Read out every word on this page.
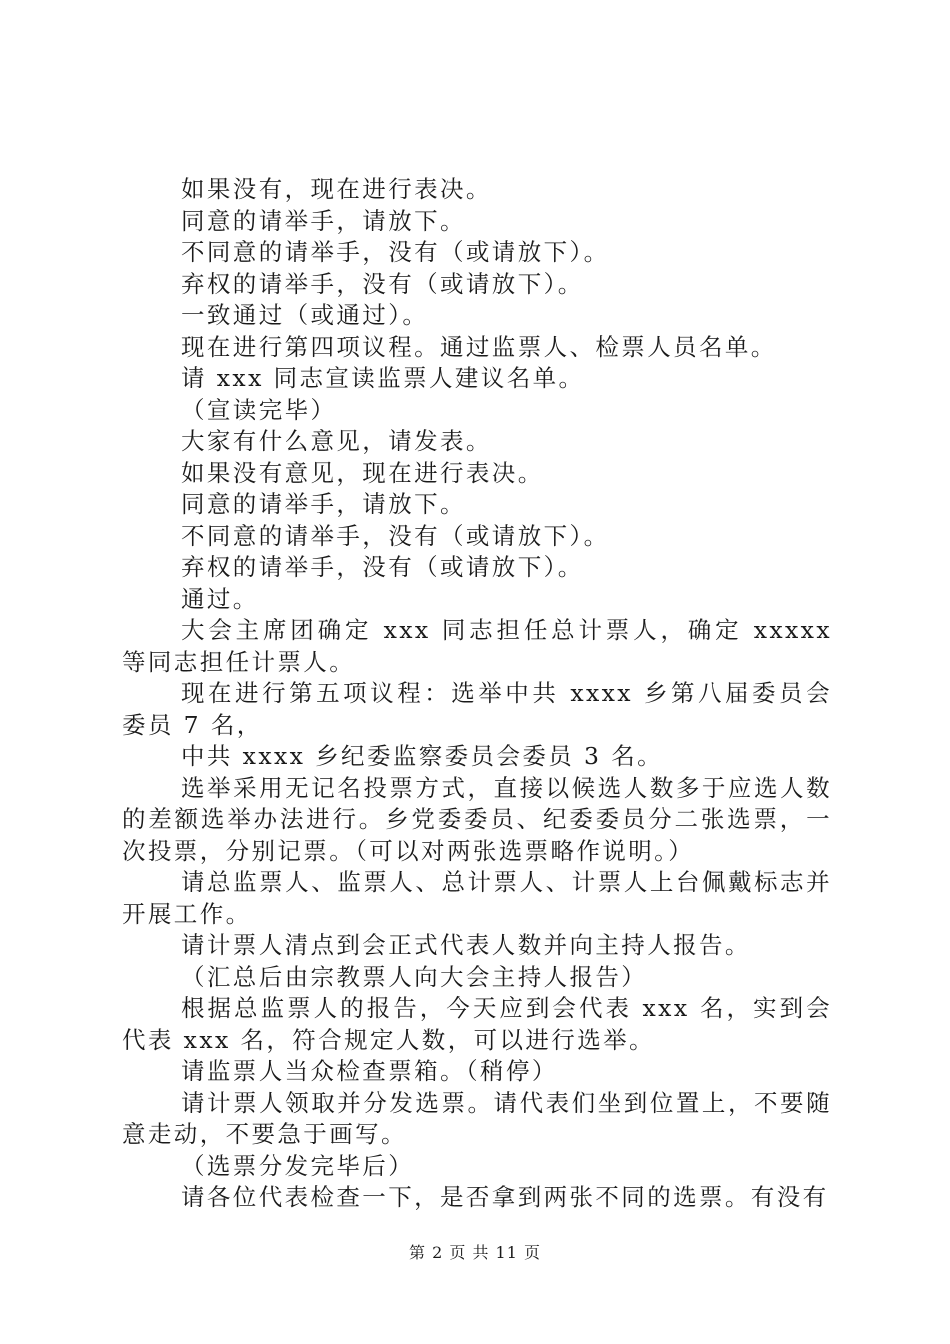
如果没有，现在进行表决。

同意的请举手，请放下。

不同意的请举手，没有（或请放下）。

弃权的请举手，没有（或请放下）。

一致通过（或通过）。

现在进行第四项议程。通过监票人、检票人员名单。

请 xxx 同志宣读监票人建议名单。

（宣读完毕）

大家有什么意见，请发表。

如果没有意见，现在进行表决。

同意的请举手，请放下。

不同意的请举手，没有（或请放下）。

弃权的请举手，没有（或请放下）。

通过。

大会主席团确定 xxx 同志担任总计票人，确定 xxxxx 等同志担任计票人。

现在进行第五项议程：选举中共 xxxx 乡第八届委员会委员 7 名，

中共 xxxx 乡纪委监察委员会委员 3 名。

选举采用无记名投票方式，直接以候选人数多于应选人数的差额选举办法进行。乡党委委员、纪委委员分二张选票，一次投票，分别记票。（可以对两张选票略作说明。）

请总监票人、监票人、总计票人、计票人上台佩戴标志并开展工作。

请计票人清点到会正式代表人数并向主持人报告。

（汇总后由宗教票人向大会主持人报告）

根据总监票人的报告，今天应到会代表 xxx 名，实到会代表 xxx 名，符合规定人数，可以进行选举。

请监票人当众检查票箱。（稍停）

请计票人领取并分发选票。请代表们坐到位置上，不要随意走动，不要急于画写。

（选票分发完毕后）

请各位代表检查一下，是否拿到两张不同的选票。有没有

第 2 页 共 11 页
